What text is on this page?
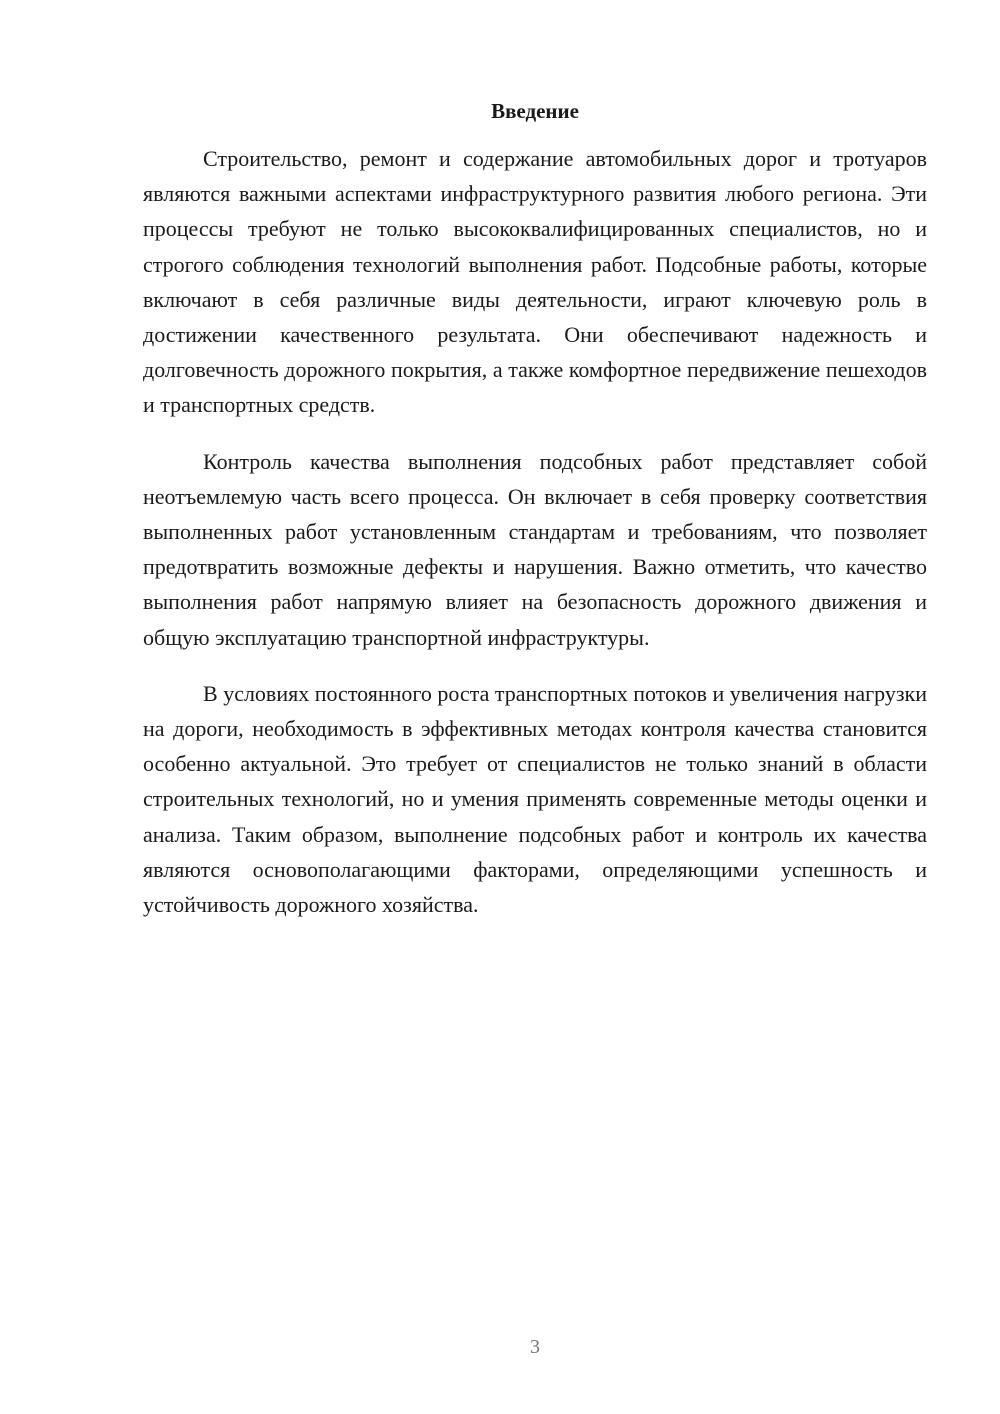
Введение

Строительство, ремонт и содержание автомобильных дорог и тротуаров являются важными аспектами инфраструктурного развития любого региона. Эти процессы требуют не только высококвалифицированных специалистов, но и строгого соблюдения технологий выполнения работ. Подсобные работы, которые включают в себя различные виды деятельности, играют ключевую роль в достижении качественного результата. Они обеспечивают надежность и долговечность дорожного покрытия, а также комфортное передвижение пешеходов и транспортных средств.

Контроль качества выполнения подсобных работ представляет собой неотъемлемую часть всего процесса. Он включает в себя проверку соответствия выполненных работ установленным стандартам и требованиям, что позволяет предотвратить возможные дефекты и нарушения. Важно отметить, что качество выполнения работ напрямую влияет на безопасность дорожного движения и общую эксплуатацию транспортной инфраструктуры.

В условиях постоянного роста транспортных потоков и увеличения нагрузки на дороги, необходимость в эффективных методах контроля качества становится особенно актуальной. Это требует от специалистов не только знаний в области строительных технологий, но и умения применять современные методы оценки и анализа. Таким образом, выполнение подсобных работ и контроль их качества являются основополагающими факторами, определяющими успешность и устойчивость дорожного хозяйства.

3
